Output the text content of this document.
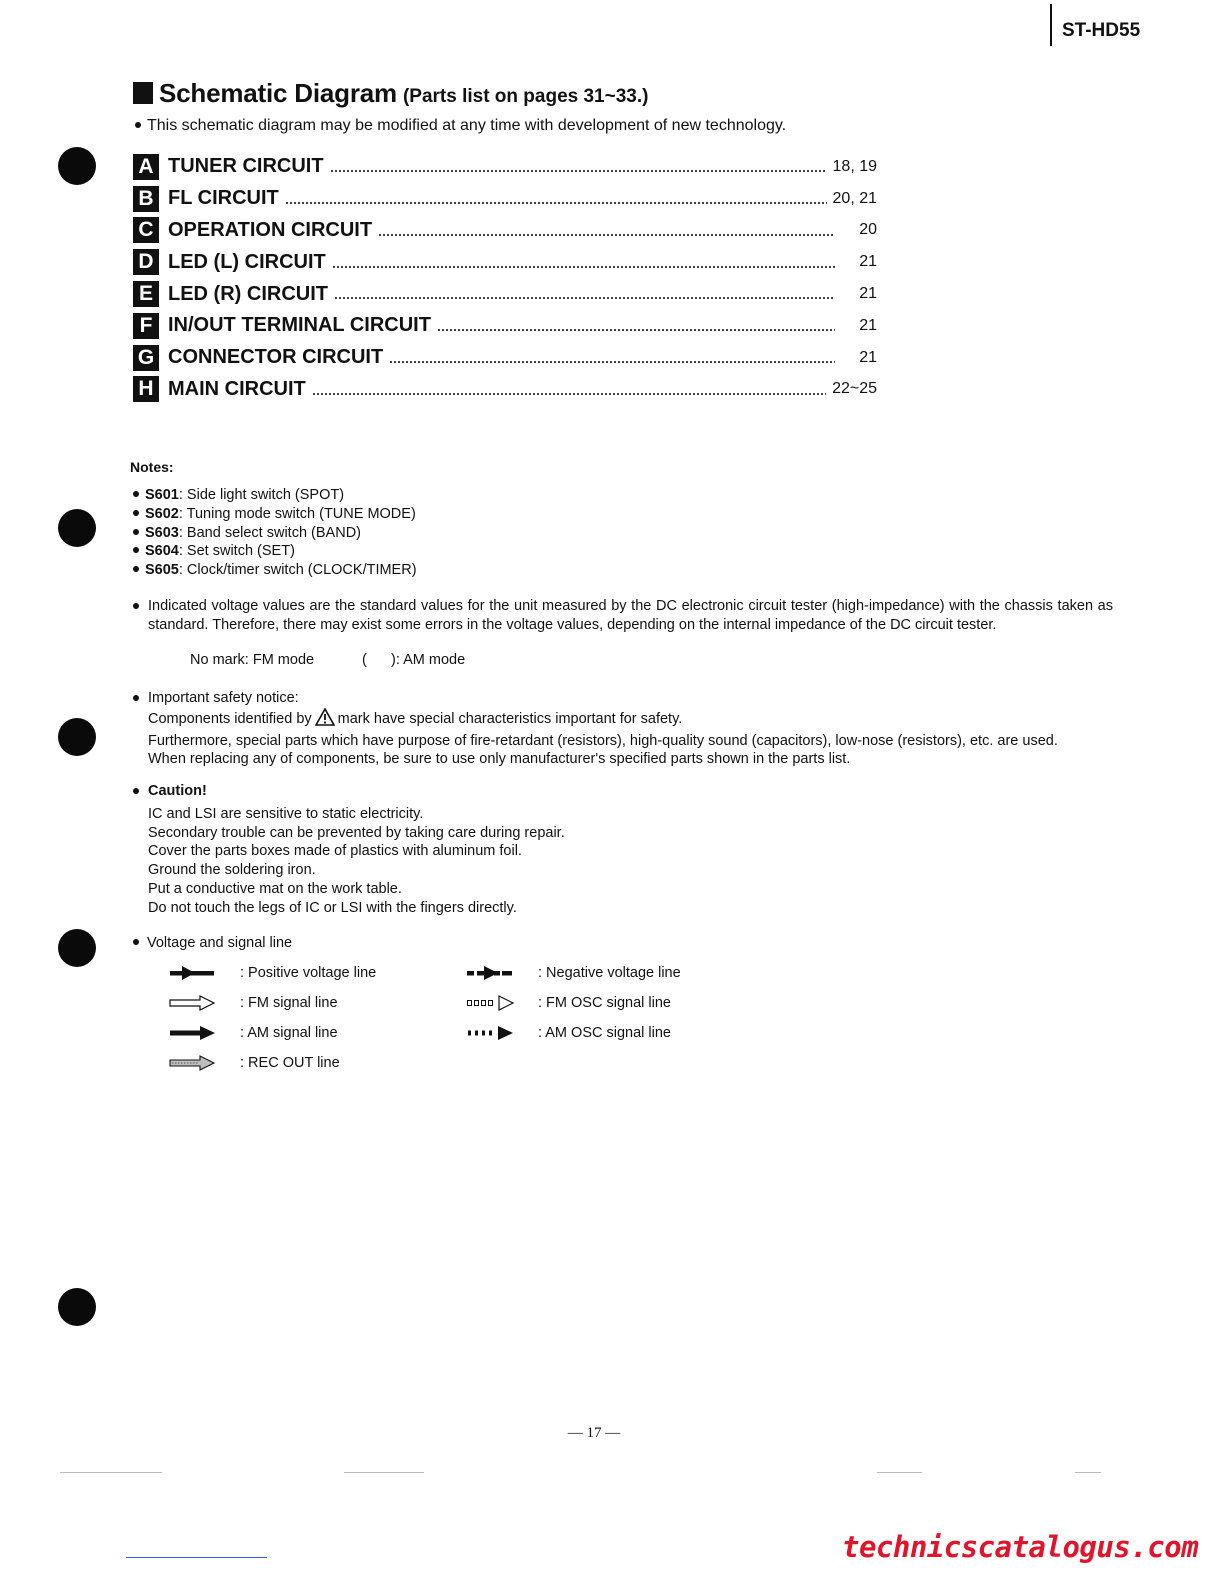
ST-HD55
Schematic Diagram (Parts list on pages 31~33.)
This schematic diagram may be modified at any time with development of new technology.
A TUNER CIRCUIT	18, 19
B FL CIRCUIT	20, 21
C OPERATION CIRCUIT	20
D LED (L) CIRCUIT	21
E LED (R) CIRCUIT	21
F IN/OUT TERMINAL CIRCUIT	21
G CONNECTOR CIRCUIT	21
H MAIN CIRCUIT	22~25
Notes:
S601: Side light switch (SPOT)
S602: Tuning mode switch (TUNE MODE)
S603: Band select switch (BAND)
S604: Set switch (SET)
S605: Clock/timer switch (CLOCK/TIMER)
Indicated voltage values are the standard values for the unit measured by the DC electronic circuit tester (high-impedance) with the chassis taken as standard. Therefore, there may exist some errors in the voltage values, depending on the internal impedance of the DC circuit tester.
No mark: FM mode	(      ): AM mode
Important safety notice:
Components identified by mark have special characteristics important for safety.
Furthermore, special parts which have purpose of fire-retardant (resistors), high-quality sound (capacitors), low-nose (resistors), etc. are used.
When replacing any of components, be sure to use only manufacturer's specified parts shown in the parts list.
Caution!
IC and LSI are sensitive to static electricity.
Secondary trouble can be prevented by taking care during repair.
Cover the parts boxes made of plastics with aluminum foil.
Ground the soldering iron.
Put a conductive mat on the work table.
Do not touch the legs of IC or LSI with the fingers directly.
Voltage and signal line
: Positive voltage line
: FM signal line
: AM signal line
: REC OUT line
: Negative voltage line
: FM OSC signal line
: AM OSC signal line
— 17 —
technicscatalogus.com
